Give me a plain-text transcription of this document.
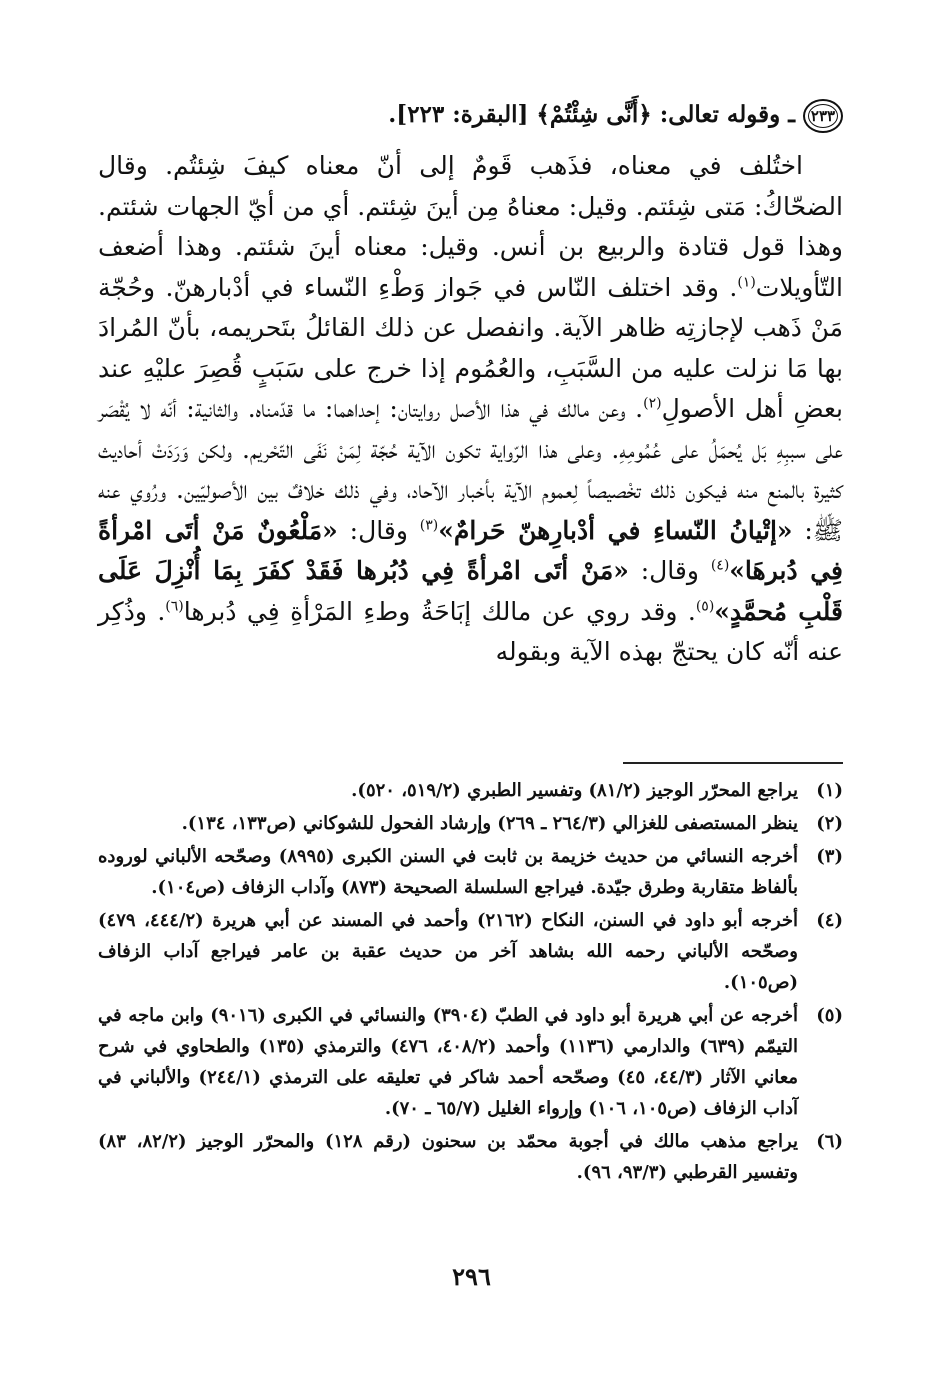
٢٣٣ـ وقوله تعالى: ﴿أَنَّى شِئْتُمْ﴾ [البقرة: ٢٢٣].

اختُلف في معناه، فذَهب قَومٌ إلى أنّ معناه كيفَ شِئتُم. وقال الضحّاكُ: مَتى شِئتم. وقيل: معناهُ مِن أينَ شِئتم. أي من أيّ الجهات شئتم. وهذا قول قتادة والربيع بن أنس. وقيل: معناه أينَ شئتم. وهذا أضعف التّأويلات$^{(١)}$. وقد اختلف النّاس في جَواز وَطْءِ النّساء في أدْبارهنّ. وحُجّة مَنْ ذَهب لإجازتِه ظاهر الآية. وانفصل عن ذلك القائلُ بتَحريمه، بأنّ المُرادَ بها مَا نزلت عليه من السَّبَبِ، والعُمُوم إذا خرج على سَبَبٍ قُصِرَ عليْهِ عند بعضِ أهل الأصولِ$^{(٢)}$. وعن مالك في هذا الأصل روايتان: إحداهما: ما قدّمناه. والثانية: أنّه لا يُقْصَر على سببِهِ بَل يُحمَلُ على عُمُومِهِ. وعلى هذا الرّواية تكون الآية حُجّة لِمَنْ نَفَى التّحْريم. ولكن وَرَدَتْ أحاديث كثيرة بالمنع منه فيكون ذلك تخْصيصاً لِعموم الآية بأخبار الآحاد، وفي ذلك خلافٌ بين الأصوليّين. ورُوي عنه ﷺ: «إتْيانُ النّساءِ في أدْبارِهنّ حَرامٌ»$^{(٣)}$ وقال: «مَلْعُونٌ مَنْ أتَى امْرأةً فِي دُبرهَا»$^{(٤)}$ وقال: «مَنْ أتَى امْرأةً فِي دُبُرها فَقَدْ كفَرَ بِمَا أُنْزِلَ عَلَى قَلْبِ مُحمَّدٍ»$^{(٥)}$. وقد روي عن مالك إبَاحَةُ وطءِ المَرْأةِ فِي دُبرها$^{(٦)}$. وذُكِر عنه أنّه كان يحتجّ بهذه الآية وبقوله

(١)
يراجع المحرّر الوجيز (٨١/٢) وتفسير الطبري (٥١٩/٢، ٥٢٠).
(٢)
ينظر المستصفى للغزالي (٢٦٤/٣ ـ ٢٦٩) وإرشاد الفحول للشوكاني (ص١٣٣، ١٣٤).
(٣)
أخرجه النسائي من حديث خزيمة بن ثابت في السنن الكبرى (٨٩٩٥) وصحّحه الألباني لوروده بألفاظ متقاربة وطرق جيّدة. فيراجع السلسلة الصحيحة (٨٧٣) وآداب الزفاف (ص١٠٤).
(٤)
أخرجه أبو داود في السنن، النكاح (٢١٦٢) وأحمد في المسند عن أبي هريرة (٤٤٤/٢، ٤٧٩) وصحّحه الألباني رحمه الله بشاهد آخر من حديث عقبة بن عامر فيراجع آداب الزفاف (ص١٠٥).
(٥)
أخرجه عن أبي هريرة أبو داود في الطبّ (٣٩٠٤) والنسائي في الكبرى (٩٠١٦) وابن ماجه في التيمّم (٦٣٩) والدارمي (١١٣٦) وأحمد (٤٠٨/٢، ٤٧٦) والترمذي (١٣٥) والطحاوي في شرح معاني الآثار (٤٤/٣، ٤٥) وصحّحه أحمد شاكر في تعليقه على الترمذي (٢٤٤/١) والألباني في آداب الزفاف (ص١٠٥، ١٠٦) وإرواء الغليل (٦٥/٧ ـ ٧٠).
(٦)
يراجع مذهب مالك في أجوبة محمّد بن سحنون (رقم ١٢٨) والمحرّر الوجيز (٨٢/٢، ٨٣) وتفسير القرطبي (٩٣/٣، ٩٦).
٢٩٦
